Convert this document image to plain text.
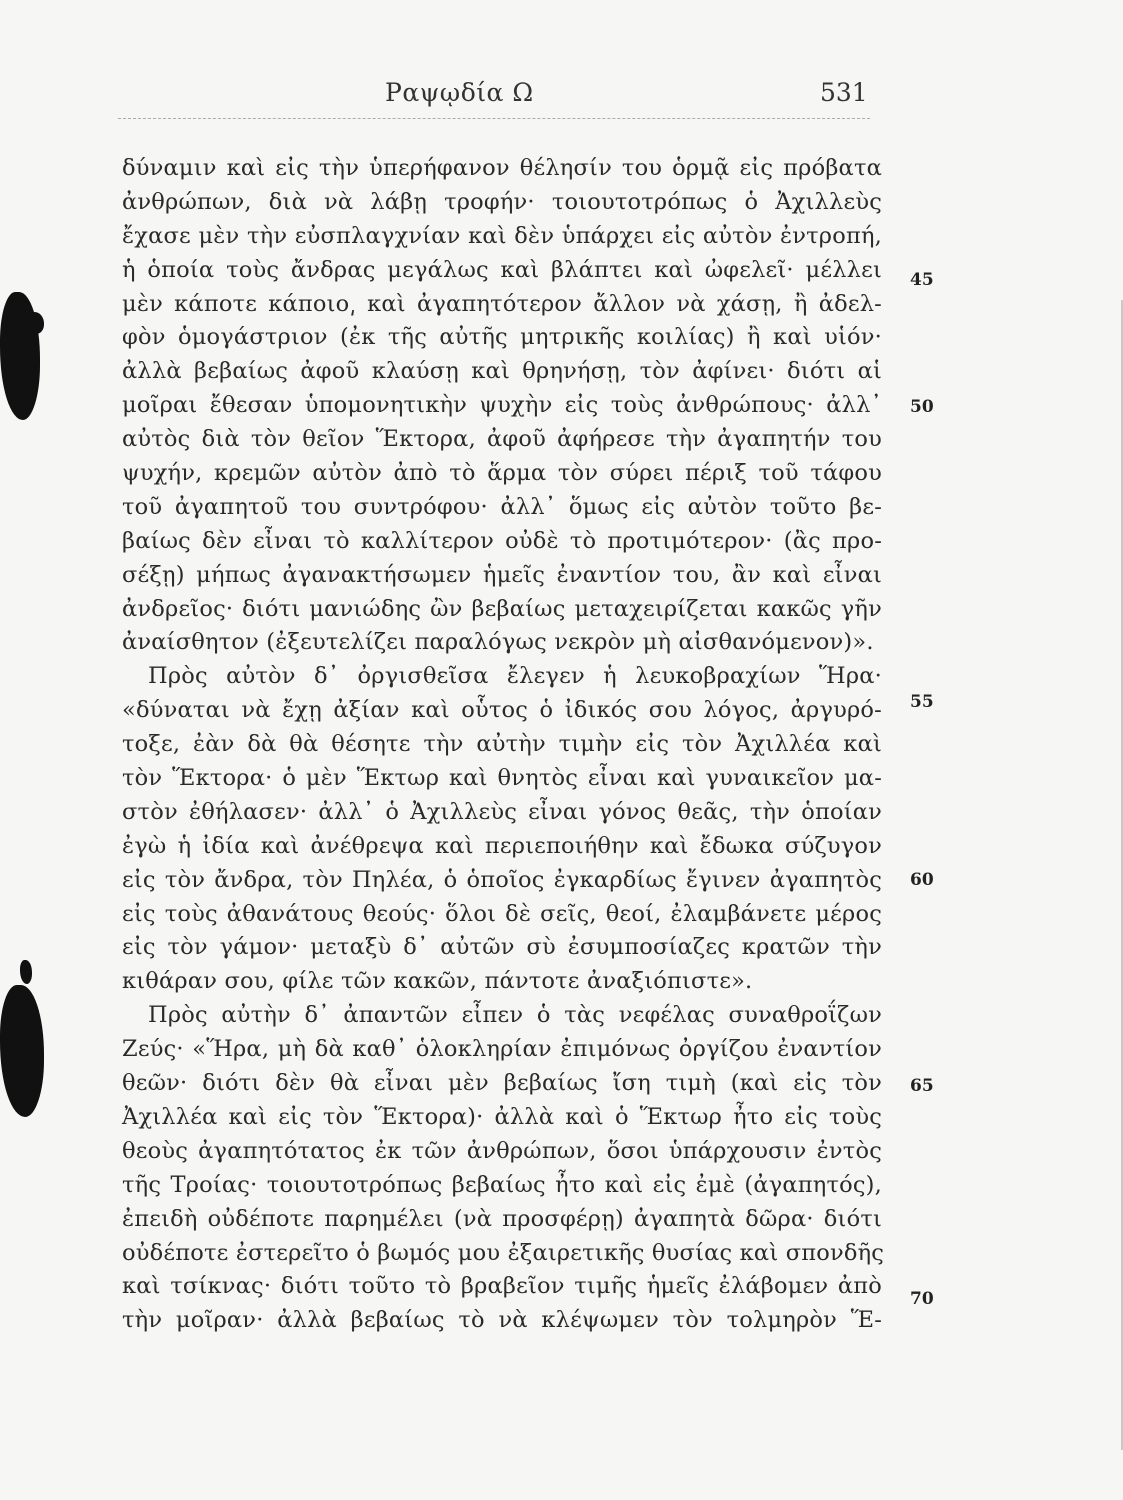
Ραψῳδία Ω	531
δύναμιν καὶ εἰς τὴν ὑπερήφανον θέλησίν του ὁρμᾷ εἰς πρόβατα
ἀνθρώπων, διὰ νὰ λάβῃ τροφήν· τοιουτοτρόπως ὁ Ἀχιλλεὺς
ἔχασε μὲν τὴν εὐσπλαγχνίαν καὶ δὲν ὑπάρχει εἰς αὐτὸν ἐντροπή,
ἡ ὁποία τοὺς ἄνδρας μεγάλως καὶ βλάπτει καὶ ὠφελεῖ· μέλλει
μὲν κάποτε κάποιο͵ καὶ ἀγαπητότερον ἄλλον νὰ χάσῃ, ἢ ἀδελ-
φὸν ὁμογάστριον (ἐκ τῆς αὐτῆς μητρικῆς κοιλίας) ἢ καὶ υἱόν·
ἀλλὰ βεβαίως ἀφοῦ κλαύσῃ καὶ θρηνήσῃ, τὸν ἀφίνει· διότι αἱ
μοῖραι ἔθεσαν ὑπομονητικὴν ψυχὴν εἰς τοὺς ἀνθρώπους· ἀλλ᾽
αὐτὸς διὰ τὸν θεῖον Ἕκτορα, ἀφοῦ ἀφήρεσε τὴν ἀγαπητήν του
ψυχήν, κρεμῶν αὐτὸν ἀπὸ τὸ ἅρμα τὸν σύρει πέριξ τοῦ τάφου
τοῦ ἀγαπητοῦ του συντρόφου· ἀλλ᾽ ὅμως εἰς αὐτὸν τοῦτο βε-
βαίως δὲν εἶναι τὸ καλλίτερον οὐδὲ τὸ προτιμότερον· (ἂς προ-
σέξῃ) μήπως ἀγανακτήσωμεν ἡμεῖς ἐναντίον του, ἂν καὶ εἶναι
ἀνδρεῖος· διότι μανιώδης ὢν βεβαίως μεταχειρίζεται κακῶς γῆν
ἀναίσθητον (ἐξευτελίζει παραλόγως νεκρὸν μὴ αἰσθανόμενον)».
Πρὸς αὐτὸν δ᾽ ὀργισθεῖσα ἔλεγεν ἡ λευκοβραχίων Ἥρα·
«δύναται νὰ ἔχῃ ἀξίαν καὶ οὗτος ὁ ἰδικός σου λόγος, ἀργυρό-
τοξε, ἐὰν δὰ θὰ θέσητε τὴν αὐτὴν τιμὴν εἰς τὸν Ἀχιλλέα καὶ
τὸν Ἕκτορα· ὁ μὲν Ἕκτωρ καὶ θνητὸς εἶναι καὶ γυναικεῖον μα-
στὸν ἐθήλασεν· ἀλλ᾽ ὁ Ἀχιλλεὺς εἶναι γόνος θεᾶς, τὴν ὁποίαν
ἐγὼ ἡ ἰδία καὶ ἀνέθρεψα καὶ περιεποιήθην καὶ ἔδωκα σύζυγον
εἰς τὸν ἄνδρα, τὸν Πηλέα, ὁ ὁποῖος ἐγκαρδίως ἔγινεν ἀγαπητὸς
εἰς τοὺς ἀθανάτους θεούς· ὅλοι δὲ σεῖς, θεοί, ἐλαμβάνετε μέρος
εἰς τὸν γάμον· μεταξὺ δ᾽ αὐτῶν σὺ ἐσυμποσίαζες κρατῶν τὴν
κιθάραν σου, φίλε τῶν κακῶν, πάντοτε ἀναξιόπιστε».
Πρὸς αὐτὴν δ᾽ ἀπαντῶν εἶπεν ὁ τὰς νεφέλας συναθροΐζων
Ζεύς· «Ἥρα, μὴ δὰ καθ᾽ ὁλοκληρίαν ἐπιμόνως ὀργίζου ἐναντίον
θεῶν· διότι δὲν θὰ εἶναι μὲν βεβαίως ἴση τιμὴ (καὶ εἰς τὸν
Ἀχιλλέα καὶ εἰς τὸν Ἕκτορα)· ἀλλὰ καὶ ὁ Ἕκτωρ ἦτο εἰς τοὺς
θεοὺς ἀγαπητότατος ἐκ τῶν ἀνθρώπων, ὅσοι ὑπάρχουσιν ἐντὸς
τῆς Τροίας· τοιουτοτρόπως βεβαίως ἦτο καὶ εἰς ἐμὲ (ἀγαπητός),
ἐπειδὴ οὐδέποτε παρημέλει (νὰ προσφέρῃ) ἀγαπητὰ δῶρα· διότι
οὐδέποτε ἐστερεῖτο ὁ βωμός μου ἐξαιρετικῆς θυσίας καὶ σπονδῆς
καὶ τσίκνας· διότι τοῦτο τὸ βραβεῖον τιμῆς ἡμεῖς ἐλάβομεν ἀπὸ
τὴν μοῖραν· ἀλλὰ βεβαίως τὸ νὰ κλέψωμεν τὸν τολμηρὸν Ἕ-
45
50
55
60
65
70
